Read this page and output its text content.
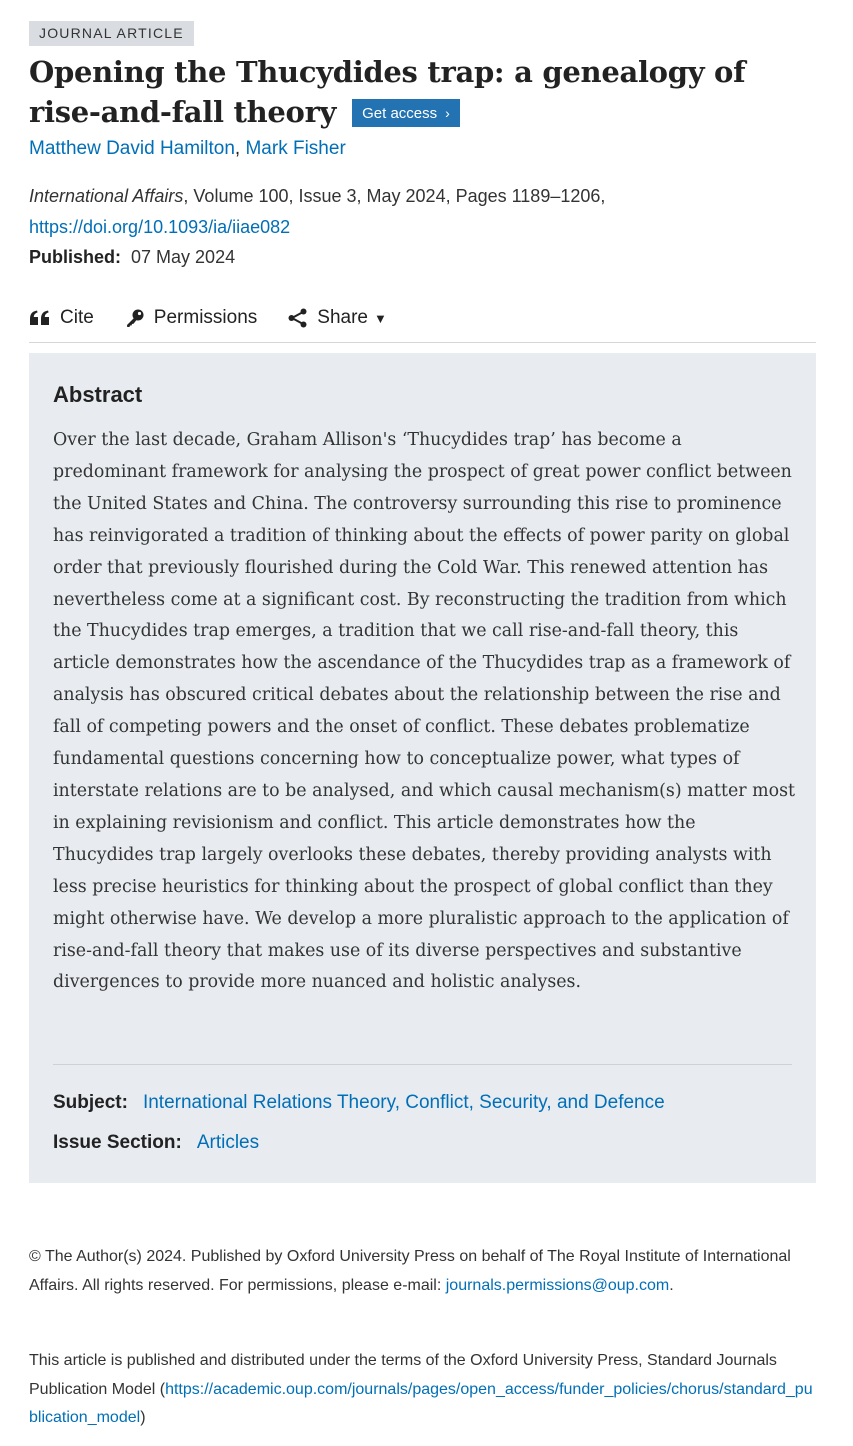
JOURNAL ARTICLE
Opening the Thucydides trap: a genealogy of rise-and-fall theory Get access ›
Matthew David Hamilton, Mark Fisher
International Affairs, Volume 100, Issue 3, May 2024, Pages 1189–1206,
https://doi.org/10.1093/ia/iiae082
Published: 07 May 2024
Cite	Permissions	Share ▼
Abstract

Over the last decade, Graham Allison's ‘Thucydides trap’ has become a predominant framework for analysing the prospect of great power conflict between the United States and China. The controversy surrounding this rise to prominence has reinvigorated a tradition of thinking about the effects of power parity on global order that previously flourished during the Cold War. This renewed attention has nevertheless come at a significant cost. By reconstructing the tradition from which the Thucydides trap emerges, a tradition that we call rise-and-fall theory, this article demonstrates how the ascendance of the Thucydides trap as a framework of analysis has obscured critical debates about the relationship between the rise and fall of competing powers and the onset of conflict. These debates problematize fundamental questions concerning how to conceptualize power, what types of interstate relations are to be analysed, and which causal mechanism(s) matter most in explaining revisionism and conflict. This article demonstrates how the Thucydides trap largely overlooks these debates, thereby providing analysts with less precise heuristics for thinking about the prospect of global conflict than they might otherwise have. We develop a more pluralistic approach to the application of rise-and-fall theory that makes use of its diverse perspectives and substantive divergences to provide more nuanced and holistic analyses.

Subject: International Relations Theory, Conflict, Security, and Defence
Issue Section: Articles

© The Author(s) 2024. Published by Oxford University Press on behalf of The Royal Institute of International Affairs. All rights reserved. For permissions, please e-mail: journals.permissions@oup.com.

This article is published and distributed under the terms of the Oxford University Press, Standard Journals Publication Model (https://academic.oup.com/journals/pages/open_access/funder_policies/chorus/standard_publication_model)
